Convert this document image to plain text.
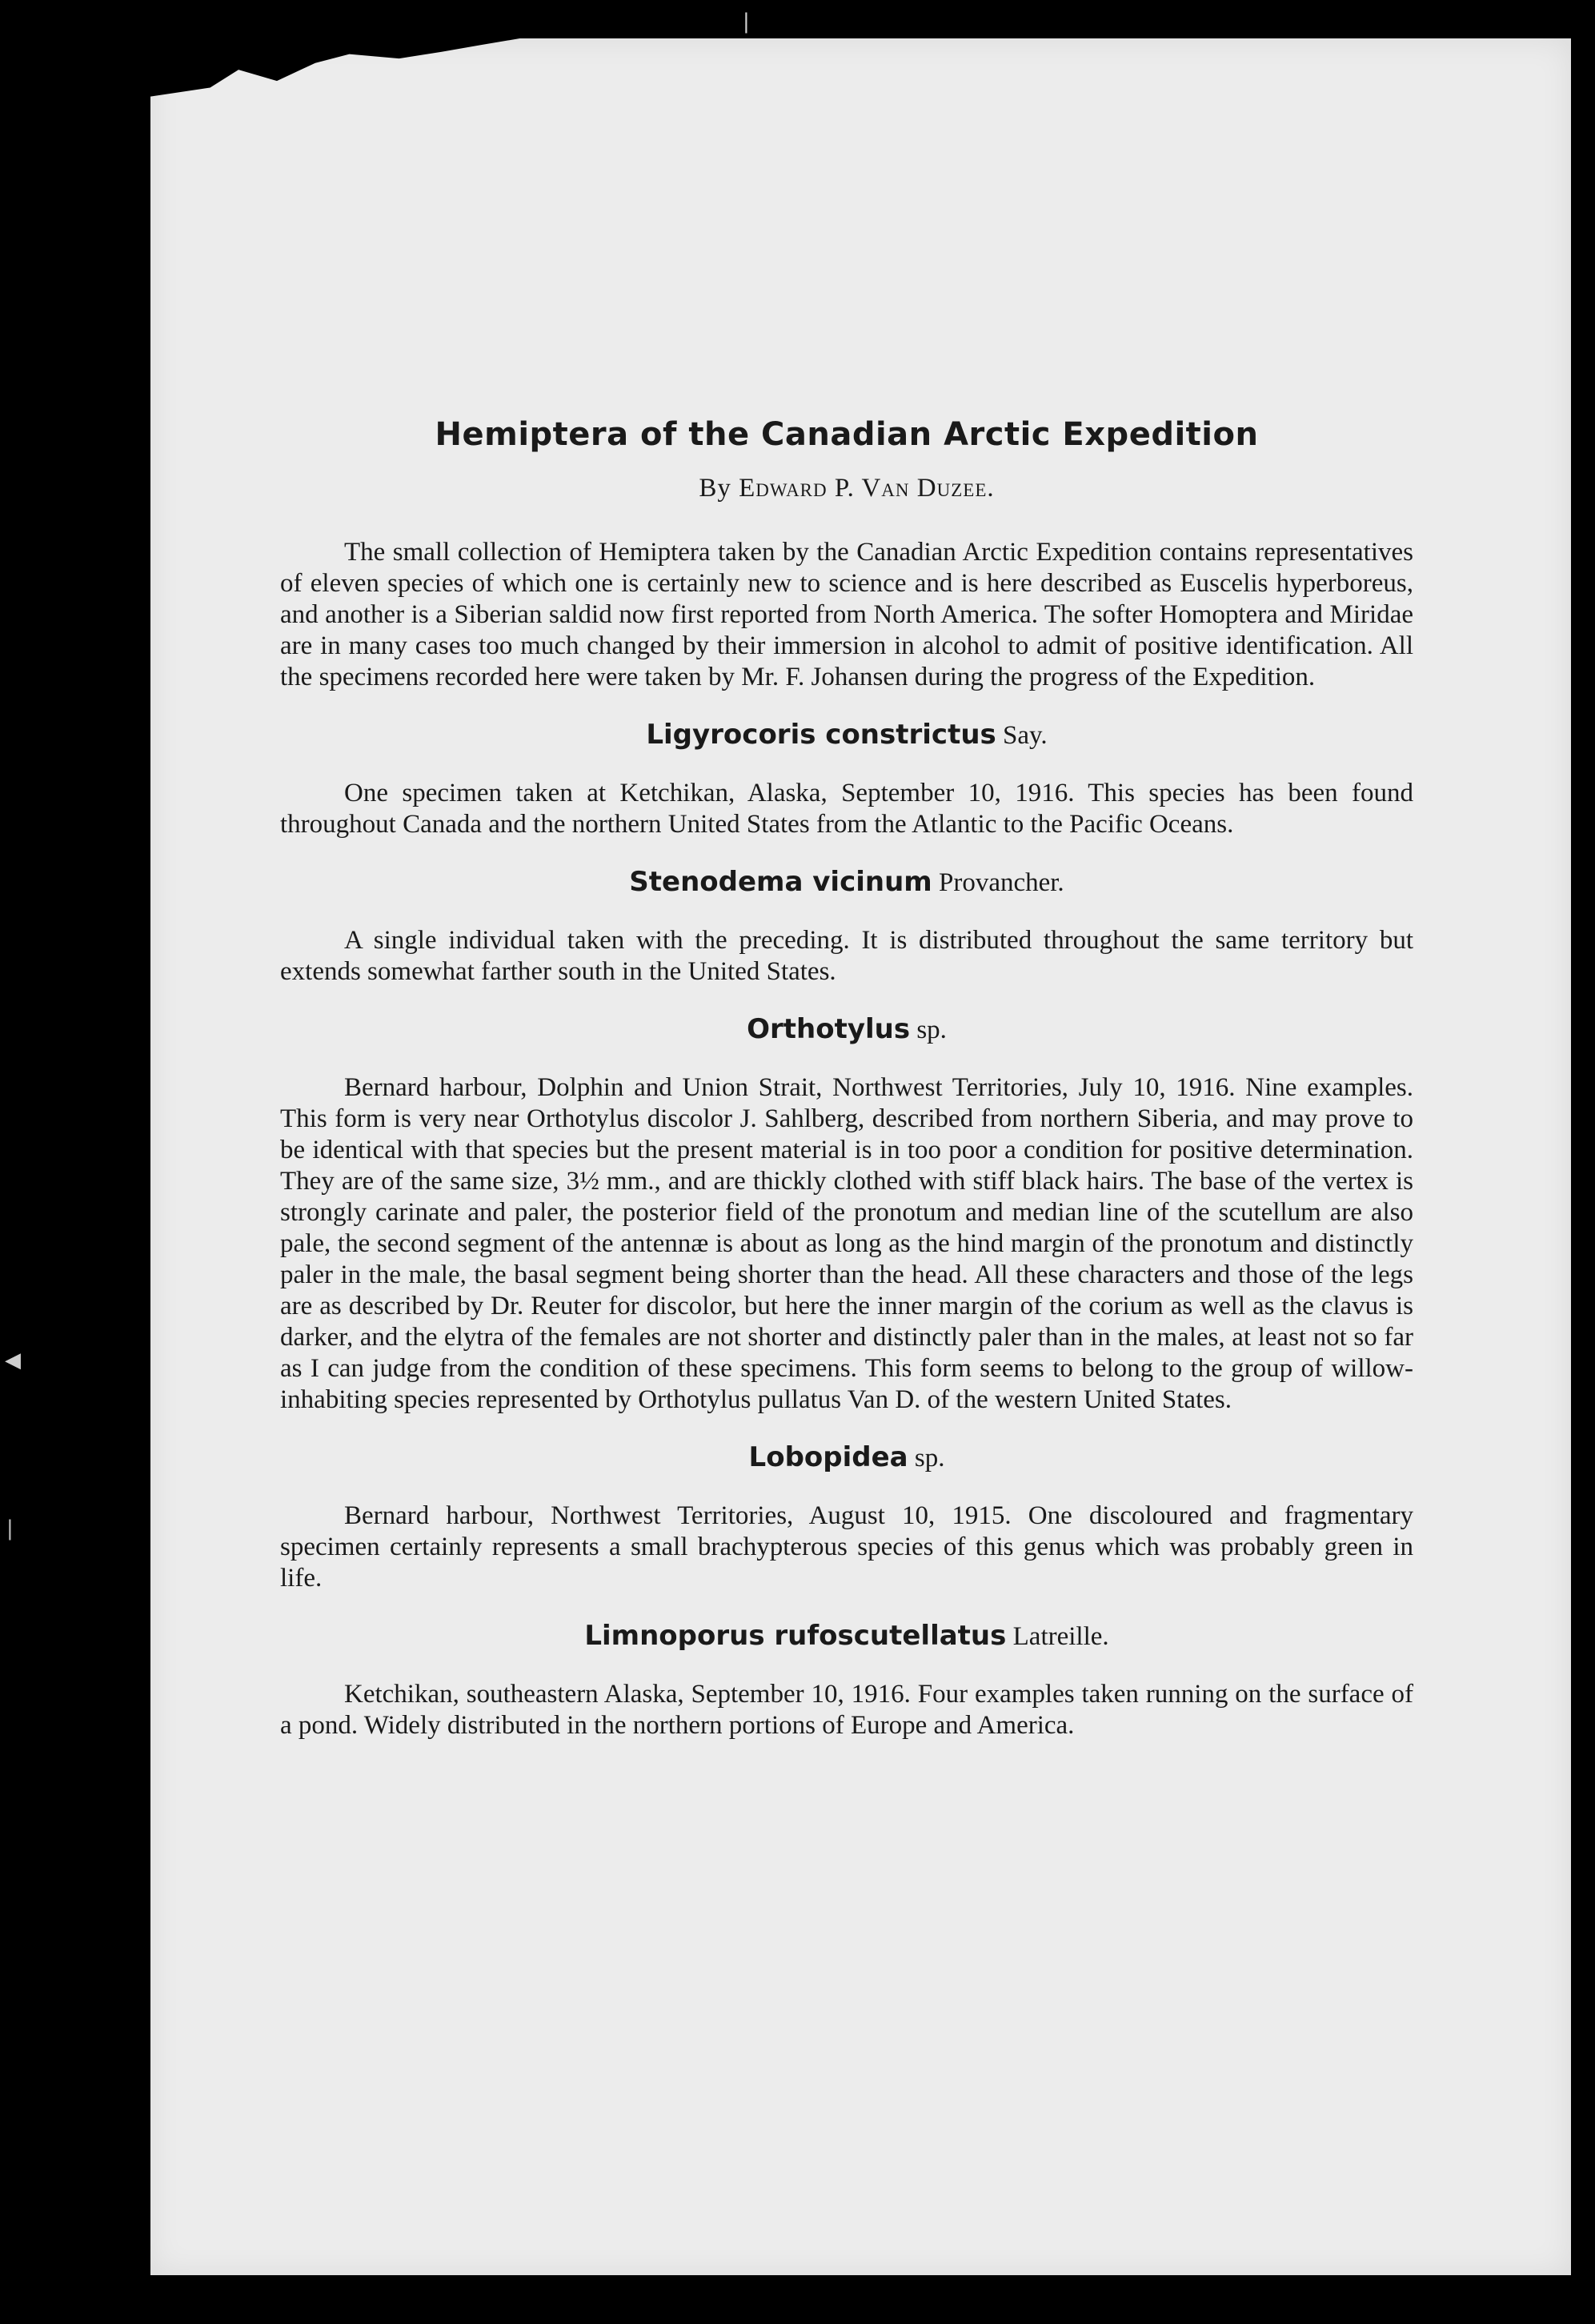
◀
|
|
Hemiptera of the Canadian Arctic Expedition
By Edward P. Van Duzee.

The small collection of Hemiptera taken by the Canadian Arctic Expedition contains representatives of eleven species of which one is certainly new to science and is here described as Euscelis hyperboreus, and another is a Siberian saldid now first reported from North America. The softer Homoptera and Miridae are in many cases too much changed by their immersion in alcohol to admit of positive identification. All the specimens recorded here were taken by Mr. F. Johansen during the progress of the Expedition.

Ligyrocoris constrictus Say.

One specimen taken at Ketchikan, Alaska, September 10, 1916. This species has been found throughout Canada and the northern United States from the Atlantic to the Pacific Oceans.

Stenodema vicinum Provancher.

A single individual taken with the preceding. It is distributed throughout the same territory but extends somewhat farther south in the United States.

Orthotylus sp.

Bernard harbour, Dolphin and Union Strait, Northwest Territories, July 10, 1916. Nine examples. This form is very near Orthotylus discolor J. Sahlberg, described from northern Siberia, and may prove to be identical with that species but the present material is in too poor a condition for positive determination. They are of the same size, 3½ mm., and are thickly clothed with stiff black hairs. The base of the vertex is strongly carinate and paler, the posterior field of the pronotum and median line of the scutellum are also pale, the second segment of the antennæ is about as long as the hind margin of the pronotum and distinctly paler in the male, the basal segment being shorter than the head. All these characters and those of the legs are as described by Dr. Reuter for discolor, but here the inner margin of the corium as well as the clavus is darker, and the elytra of the females are not shorter and distinctly paler than in the males, at least not so far as I can judge from the condition of these specimens. This form seems to belong to the group of willow-inhabiting species represented by Orthotylus pullatus Van D. of the western United States.

Lobopidea sp.

Bernard harbour, Northwest Territories, August 10, 1915. One discoloured and fragmentary specimen certainly represents a small brachypterous species of this genus which was probably green in life.

Limnoporus rufoscutellatus Latreille.

Ketchikan, southeastern Alaska, September 10, 1916. Four examples taken running on the surface of a pond. Widely distributed in the northern portions of Europe and America.
